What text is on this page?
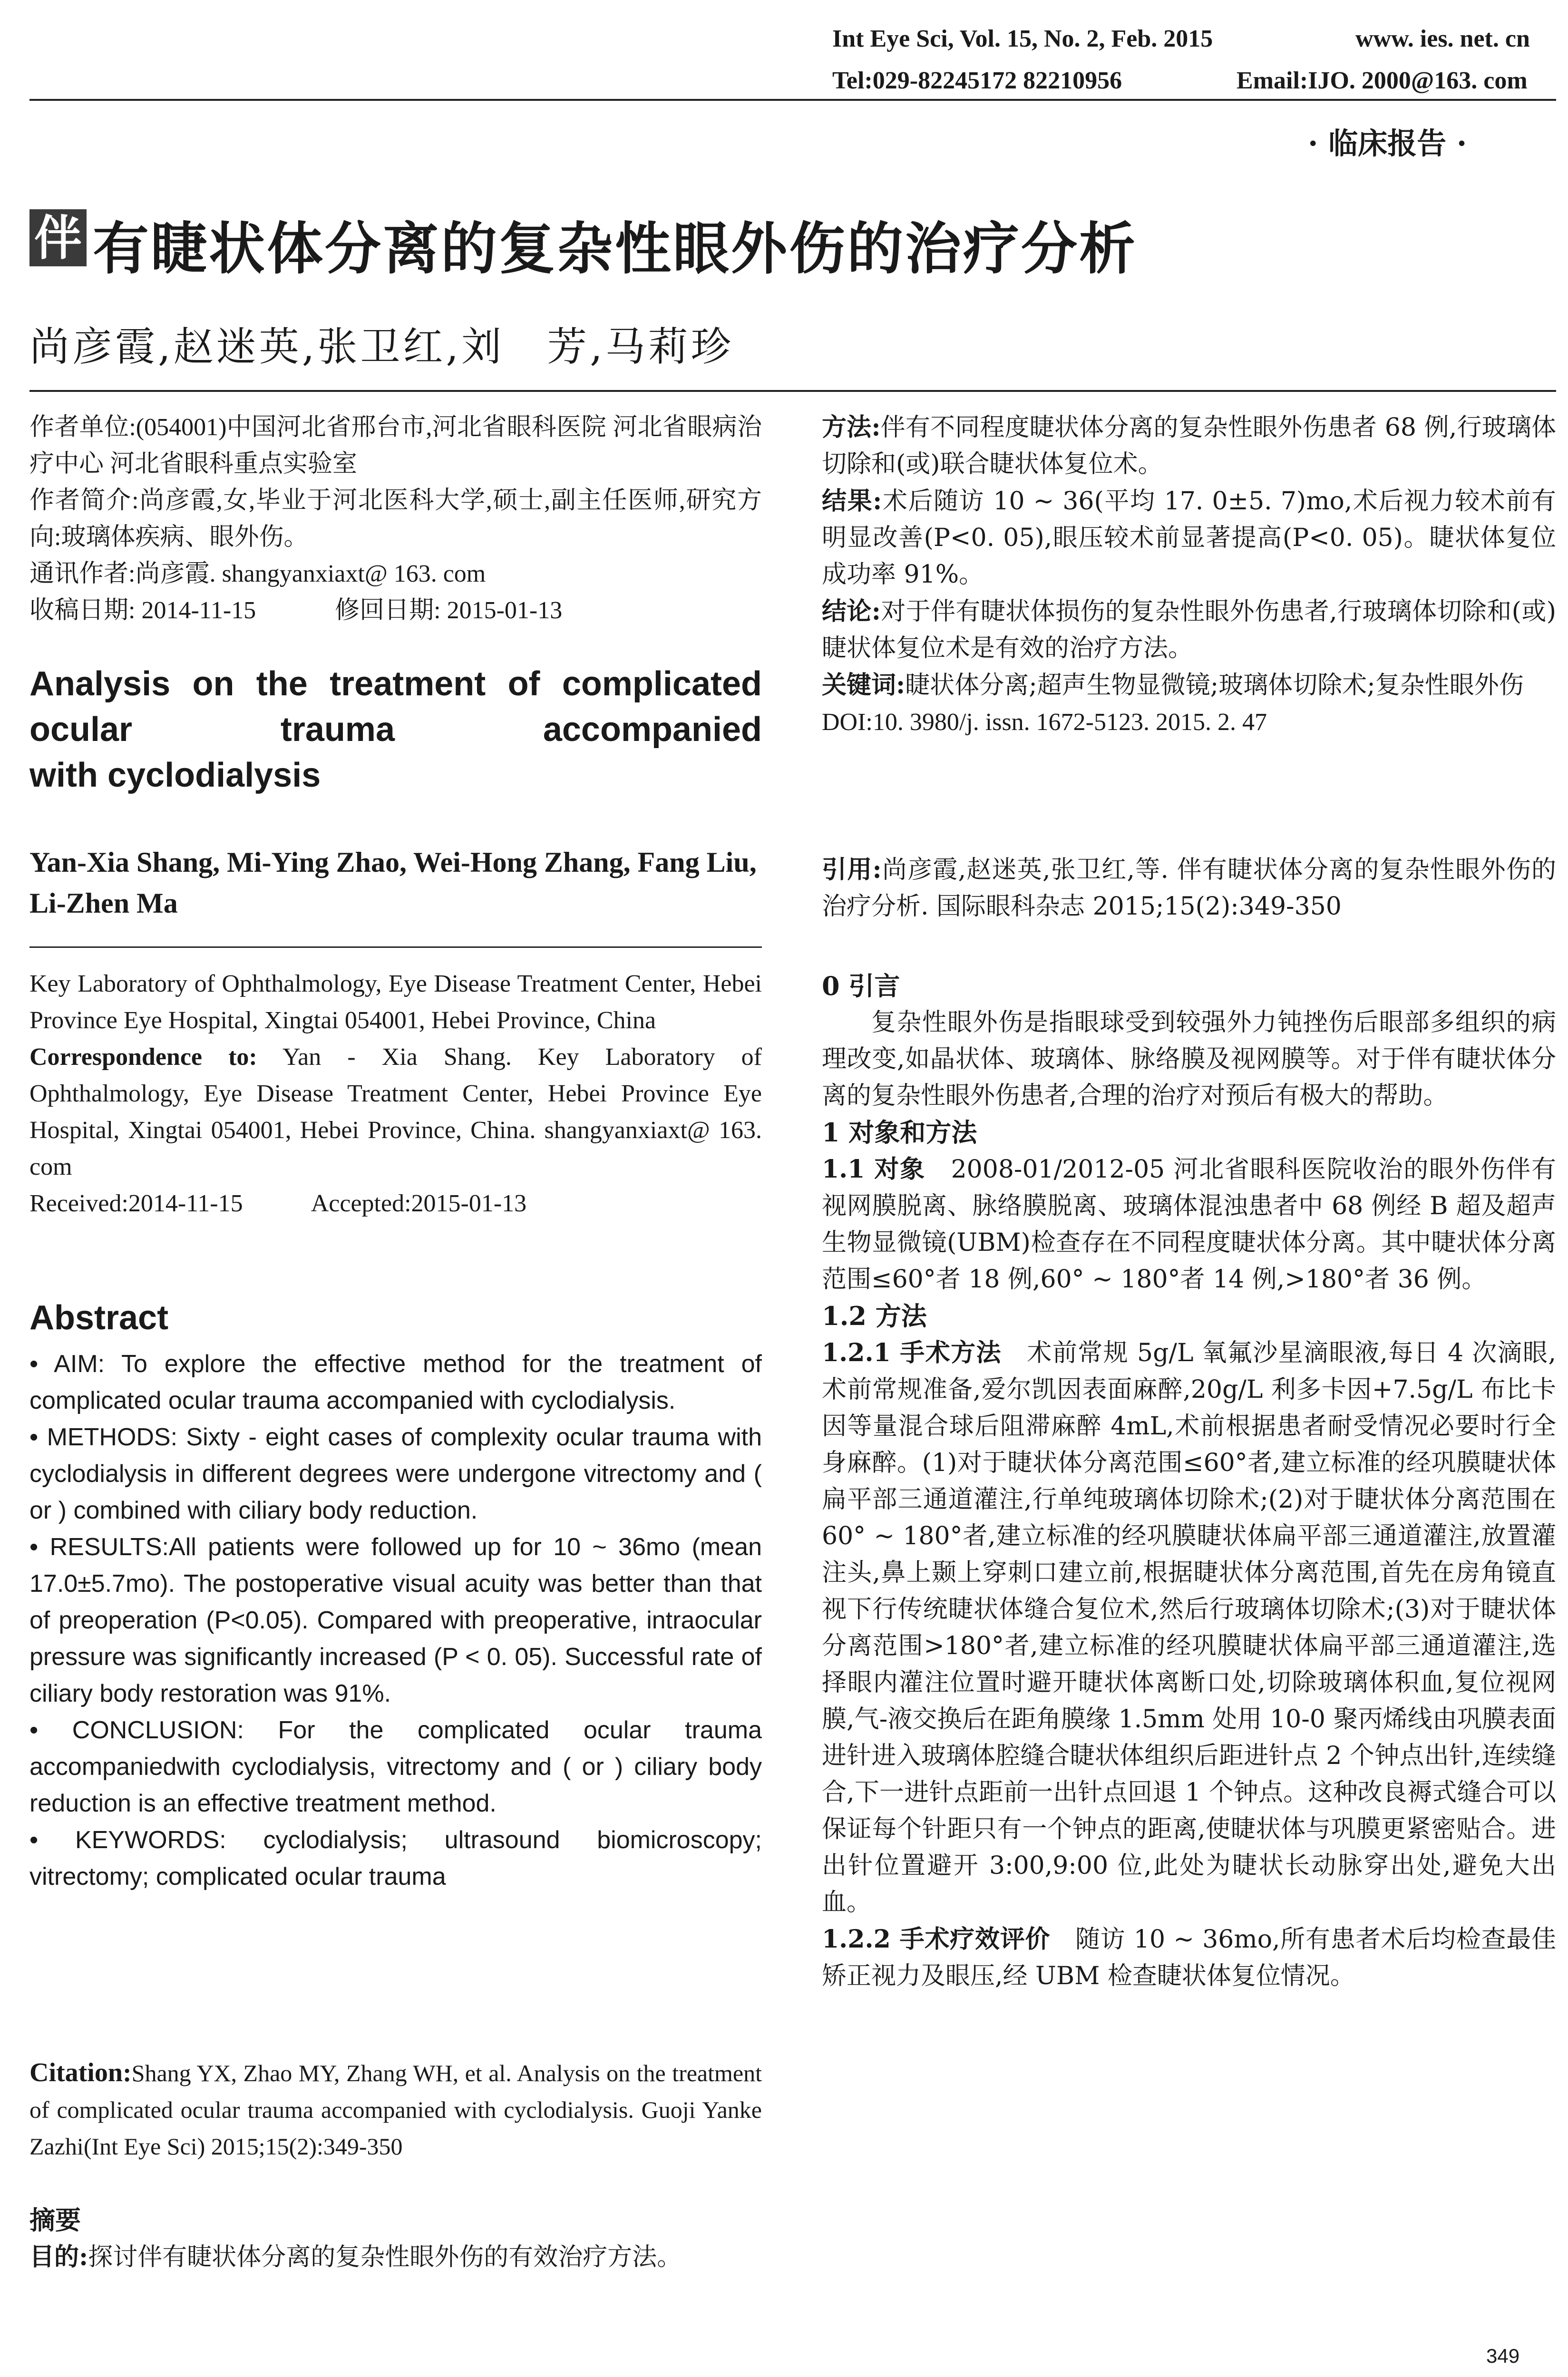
Int Eye Sci, Vol. 15, No. 2, Feb. 2015	www. ies. net. cn
Tel:029-82245172 82210956	Email:IJO. 2000@163. com
· 临床报告 ·
伴 有睫状体分离的复杂性眼外伤的治疗分析
尚彦霞,赵迷英,张卫红,刘　芳,马莉珍
作者单位:(054001)中国河北省邢台市,河北省眼科医院 河北省眼病治疗中心 河北省眼科重点实验室
作者简介:尚彦霞,女,毕业于河北医科大学,硕士,副主任医师,研究方向:玻璃体疾病、眼外伤。
通讯作者:尚彦霞. shangyanxiaxt@ 163. com
收稿日期: 2014-11-15	修回日期: 2015-01-13
Analysis on the treatment of complicated
ocular trauma accompanied
with cyclodialysis
Yan-Xia Shang, Mi-Ying Zhao, Wei-Hong Zhang, Fang Liu, Li-Zhen Ma
Key Laboratory of Ophthalmology, Eye Disease Treatment Center, Hebei Province Eye Hospital, Xingtai 054001, Hebei Province, China
Correspondence to: Yan - Xia Shang. Key Laboratory of Ophthalmology, Eye Disease Treatment Center, Hebei Province Eye Hospital, Xingtai 054001, Hebei Province, China. shangyanxiaxt@ 163. com
Received:2014-11-15	Accepted:2015-01-13
Abstract
• AIM: To explore the effective method for the treatment of complicated ocular trauma accompanied with cyclodialysis.
• METHODS: Sixty - eight cases of complexity ocular trauma with cyclodialysis in different degrees were undergone vitrectomy and ( or ) combined with ciliary body reduction.
• RESULTS:All patients were followed up for 10 ~ 36mo (mean 17.0±5.7mo). The postoperative visual acuity was better than that of preoperation (P<0.05). Compared with preoperative, intraocular pressure was significantly increased (P < 0. 05). Successful rate of ciliary body restoration was 91%.
• CONCLUSION: For the complicated ocular trauma accompaniedwith cyclodialysis, vitrectomy and ( or ) ciliary body reduction is an effective treatment method.
• KEYWORDS: cyclodialysis; ultrasound biomicroscopy; vitrectomy; complicated ocular trauma
Citation:Shang YX, Zhao MY, Zhang WH, et al. Analysis on the treatment of complicated ocular trauma accompanied with cyclodialysis. Guoji Yanke Zazhi(Int Eye Sci) 2015;15(2):349-350
摘要
目的:探讨伴有睫状体分离的复杂性眼外伤的有效治疗方法。
方法:伴有不同程度睫状体分离的复杂性眼外伤患者 68 例,行玻璃体切除和(或)联合睫状体复位术。
结果:术后随访 10 ~ 36(平均 17. 0±5. 7)mo,术后视力较术前有明显改善(P<0. 05),眼压较术前显著提高(P<0. 05)。睫状体复位成功率 91%。
结论:对于伴有睫状体损伤的复杂性眼外伤患者,行玻璃体切除和(或)睫状体复位术是有效的治疗方法。
关键词:睫状体分离;超声生物显微镜;玻璃体切除术;复杂性眼外伤
DOI:10. 3980/j. issn. 1672-5123. 2015. 2. 47
引用:尚彦霞,赵迷英,张卫红,等. 伴有睫状体分离的复杂性眼外伤的治疗分析. 国际眼科杂志 2015;15(2):349-350
0 引言
复杂性眼外伤是指眼球受到较强外力钝挫伤后眼部多组织的病理改变,如晶状体、玻璃体、脉络膜及视网膜等。对于伴有睫状体分离的复杂性眼外伤患者,合理的治疗对预后有极大的帮助。
1 对象和方法
1.1 对象　2008-01/2012-05 河北省眼科医院收治的眼外伤伴有视网膜脱离、脉络膜脱离、玻璃体混浊患者中 68 例经 B 超及超声生物显微镜(UBM)检查存在不同程度睫状体分离。其中睫状体分离范围≤60°者 18 例,60° ~ 180°者 14 例,>180°者 36 例。
1.2 方法
1.2.1 手术方法　术前常规 5g/L 氧氟沙星滴眼液,每日 4 次滴眼,术前常规准备,爱尔凯因表面麻醉,20g/L 利多卡因+7.5g/L 布比卡因等量混合球后阻滞麻醉 4mL,术前根据患者耐受情况必要时行全身麻醉。(1)对于睫状体分离范围≤60°者,建立标准的经巩膜睫状体扁平部三通道灌注,行单纯玻璃体切除术;(2)对于睫状体分离范围在 60° ~ 180°者,建立标准的经巩膜睫状体扁平部三通道灌注,放置灌注头,鼻上颞上穿刺口建立前,根据睫状体分离范围,首先在房角镜直视下行传统睫状体缝合复位术,然后行玻璃体切除术;(3)对于睫状体分离范围>180°者,建立标准的经巩膜睫状体扁平部三通道灌注,选择眼内灌注位置时避开睫状体离断口处,切除玻璃体积血,复位视网膜,气-液交换后在距角膜缘 1.5mm 处用 10-0 聚丙烯线由巩膜表面进针进入玻璃体腔缝合睫状体组织后距进针点 2 个钟点出针,连续缝合,下一进针点距前一出针点回退 1 个钟点。这种改良褥式缝合可以保证每个针距只有一个钟点的距离,使睫状体与巩膜更紧密贴合。进出针位置避开 3:00,9:00 位,此处为睫状长动脉穿出处,避免大出血。
1.2.2 手术疗效评价　随访 10 ~ 36mo,所有患者术后均检查最佳矫正视力及眼压,经 UBM 检查睫状体复位情况。
349
